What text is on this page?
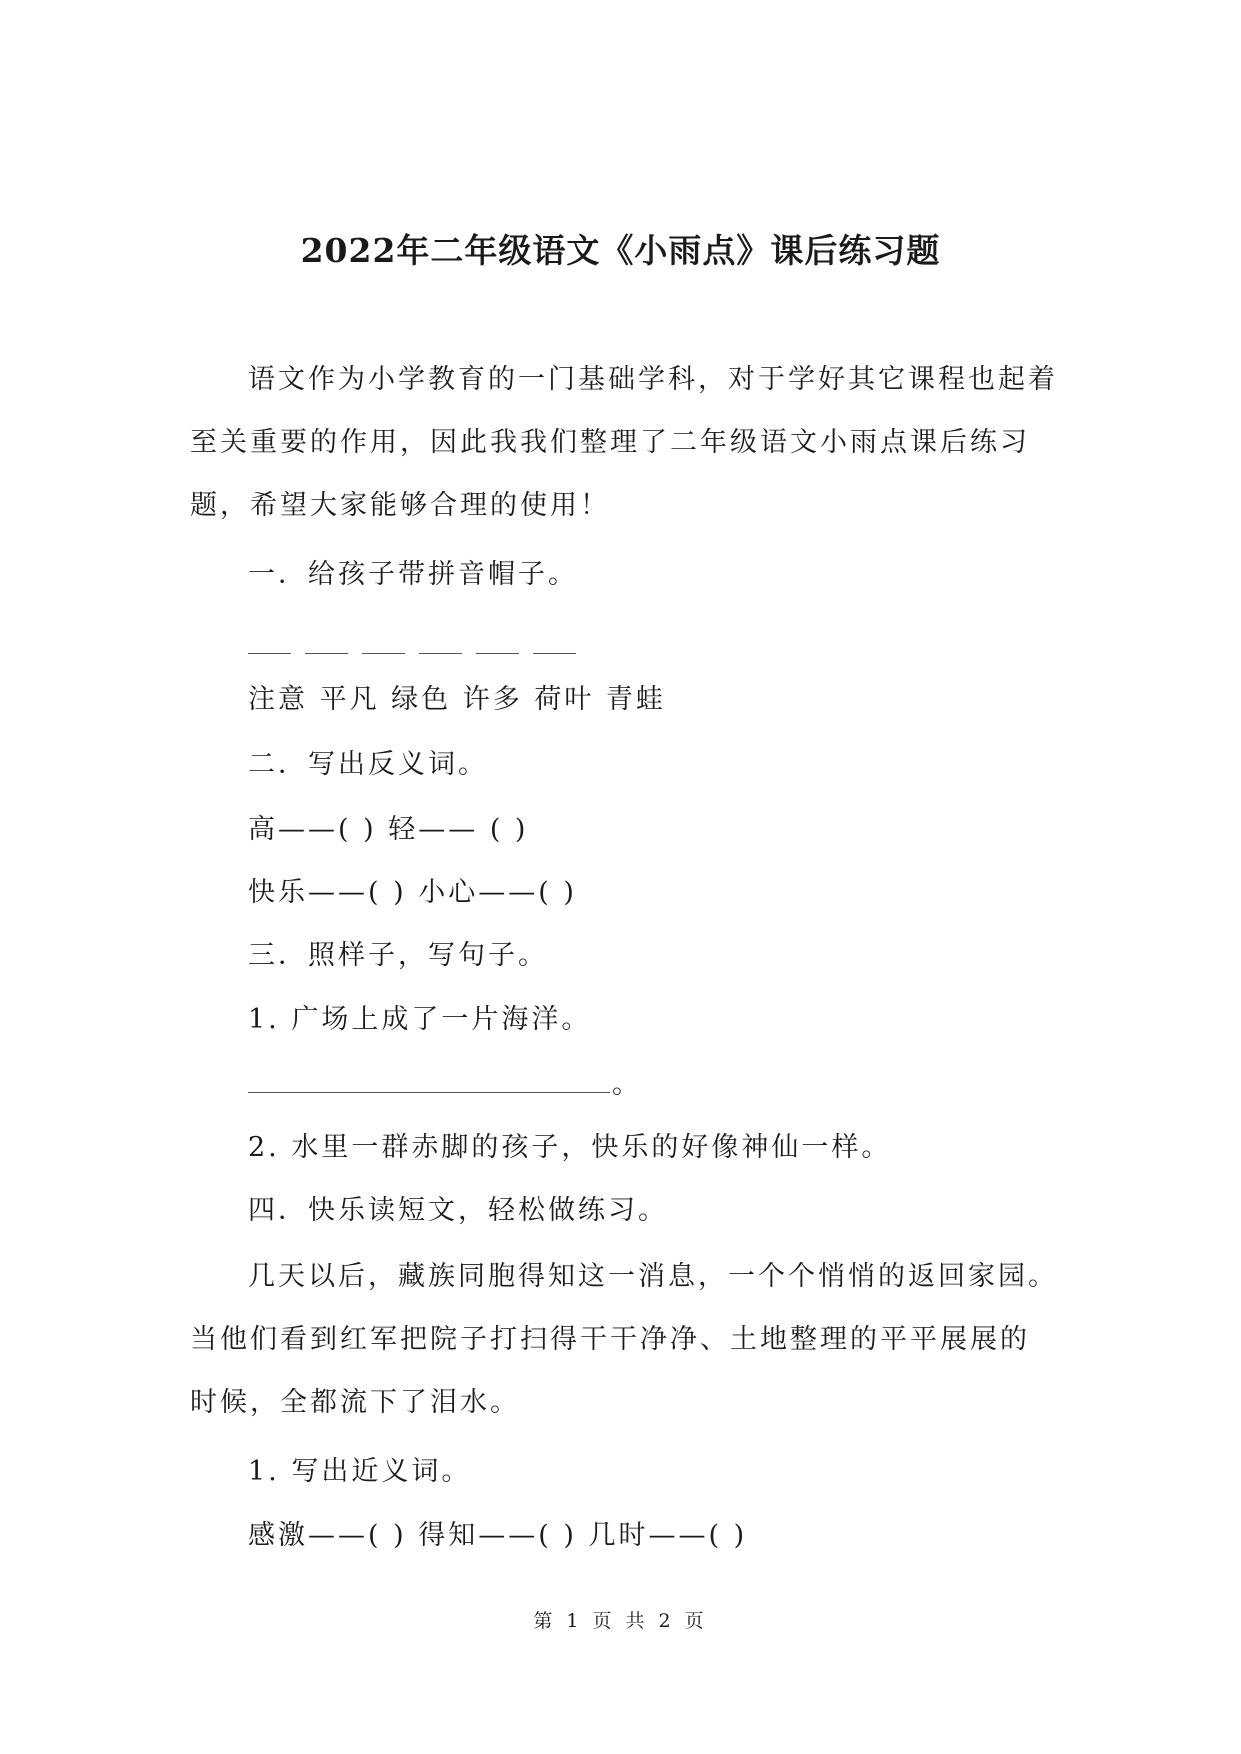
2022年二年级语文《小雨点》课后练习题

语文作为小学教育的一门基础学科，对于学好其它课程也起着至关重要的作用，因此我我们整理了二年级语文小雨点课后练习题，希望大家能够合理的使用！

一．给孩子带拼音帽子。
注意 平凡 绿色 许多 荷叶 青蛙
二．写出反义词。
高——( ) 轻—— ( )
快乐——( ) 小心——( )
三．照样子，写句子。
1. 广场上成了一片海洋。
。
2. 水里一群赤脚的孩子，快乐的好像神仙一样。
四．快乐读短文，轻松做练习。

几天以后，藏族同胞得知这一消息，一个个悄悄的返回家园。当他们看到红军把院子打扫得干干净净、土地整理的平平展展的时候，全都流下了泪水。

1. 写出近义词。
感激——( ) 得知——( ) 几时——( )
第 1 页 共 2 页
